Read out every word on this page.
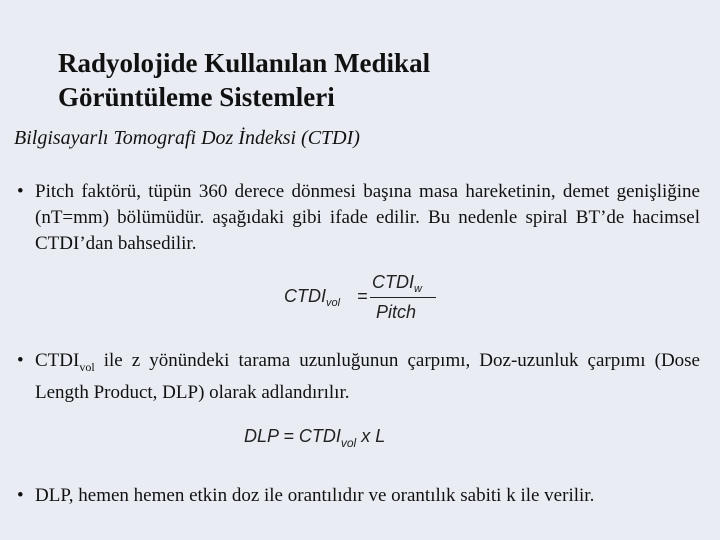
Radyolojide Kullanılan Medikal
Görüntüleme Sistemleri
Bilgisayarlı Tomografi Doz İndeksi (CTDI)
• Pitch faktörü, tüpün 360 derece dönmesi başına masa hareketinin, demet genişliğine (nT=mm) bölümüdür. aşağıdaki gibi ifade edilir. Bu nedenle spiral BT’de hacimsel CTDI’dan bahsedilir.
$CTDI_{vol}$ =
$CTDI_w$
Pitch
• $CTDI_{vol}$ ile z yönündeki tarama uzunluğunun çarpımı, Doz-uzunluk çarpımı (Dose Length Product, DLP) olarak adlandırılır.
DLP = $CTDI_{vol}$ x L
• DLP, hemen hemen etkin doz ile orantılıdır ve orantılık sabiti k ile verilir.
